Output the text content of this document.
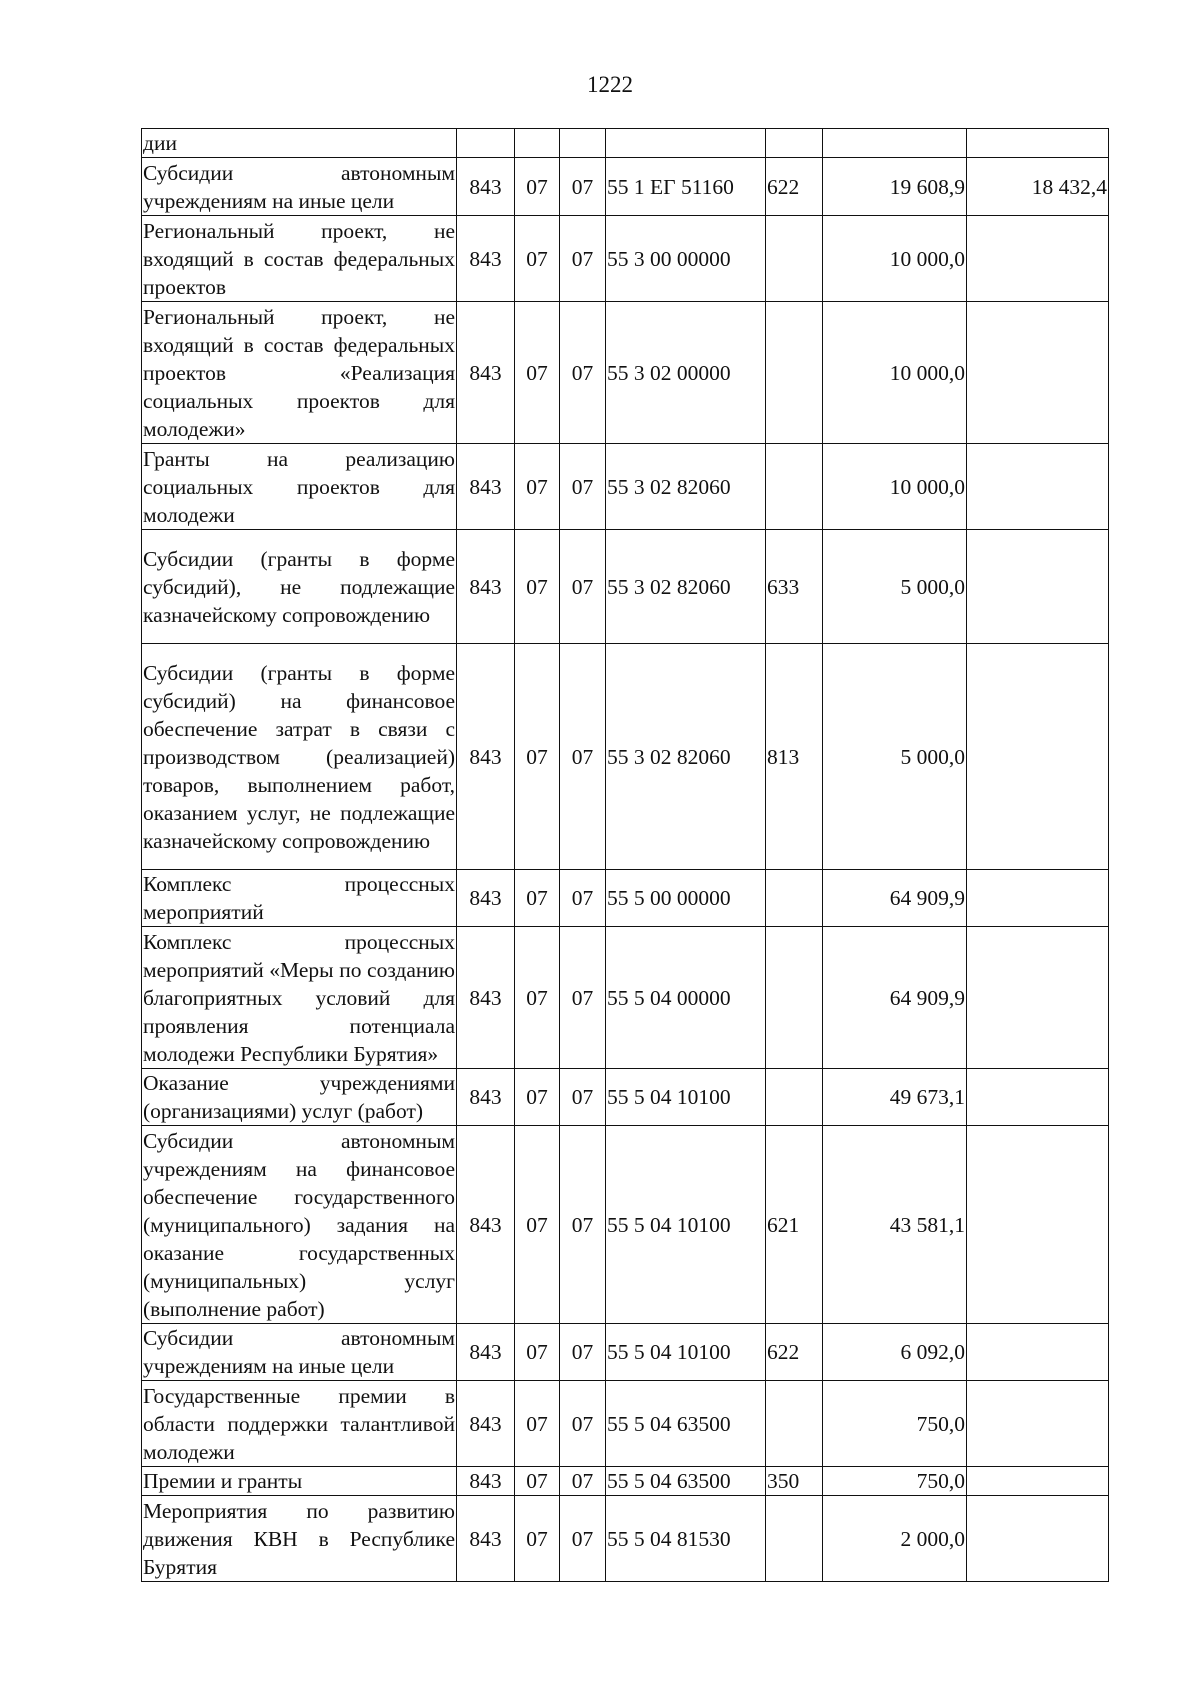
1222
дии							
Субсидии автономным учреждениям на иные цели	843	07	07	55 1 ЕГ 51160	622	19 608,9	18 432,4
Региональный проект, не входящий в состав федеральных проектов	843	07	07	55 3 00 00000		10 000,0	
Региональный проект, не входящий в состав федеральных проектов «Реализация социальных проектов для молодежи»	843	07	07	55 3 02 00000		10 000,0	
Гранты на реализацию социальных проектов для молодежи	843	07	07	55 3 02 82060		10 000,0	
Субсидии (гранты в форме субсидий), не подлежащие казначейскому сопровождению	843	07	07	55 3 02 82060	633	5 000,0	
Субсидии (гранты в форме субсидий) на финансовое обеспечение затрат в связи с производством (реализацией) товаров, выполнением работ, оказанием услуг, не подлежащие казначейскому сопровождению	843	07	07	55 3 02 82060	813	5 000,0	
Комплекс процессных мероприятий	843	07	07	55 5 00 00000		64 909,9	
Комплекс процессных мероприятий «Меры по созданию благоприятных условий для проявления потенциала молодежи Республики Бурятия»	843	07	07	55 5 04 00000		64 909,9	
Оказание учреждениями (организациями) услуг (работ)	843	07	07	55 5 04 10100		49 673,1	
Субсидии автономным учреждениям на финансовое обеспечение государственного (муниципального) задания на оказание государственных (муниципальных) услуг (выполнение работ)	843	07	07	55 5 04 10100	621	43 581,1	
Субсидии автономным учреждениям на иные цели	843	07	07	55 5 04 10100	622	6 092,0	
Государственные премии в области поддержки талантливой молодежи	843	07	07	55 5 04 63500		750,0	
Премии и гранты	843	07	07	55 5 04 63500	350	750,0	
Мероприятия по развитию движения КВН в Республике Бурятия	843	07	07	55 5 04 81530		2 000,0	
